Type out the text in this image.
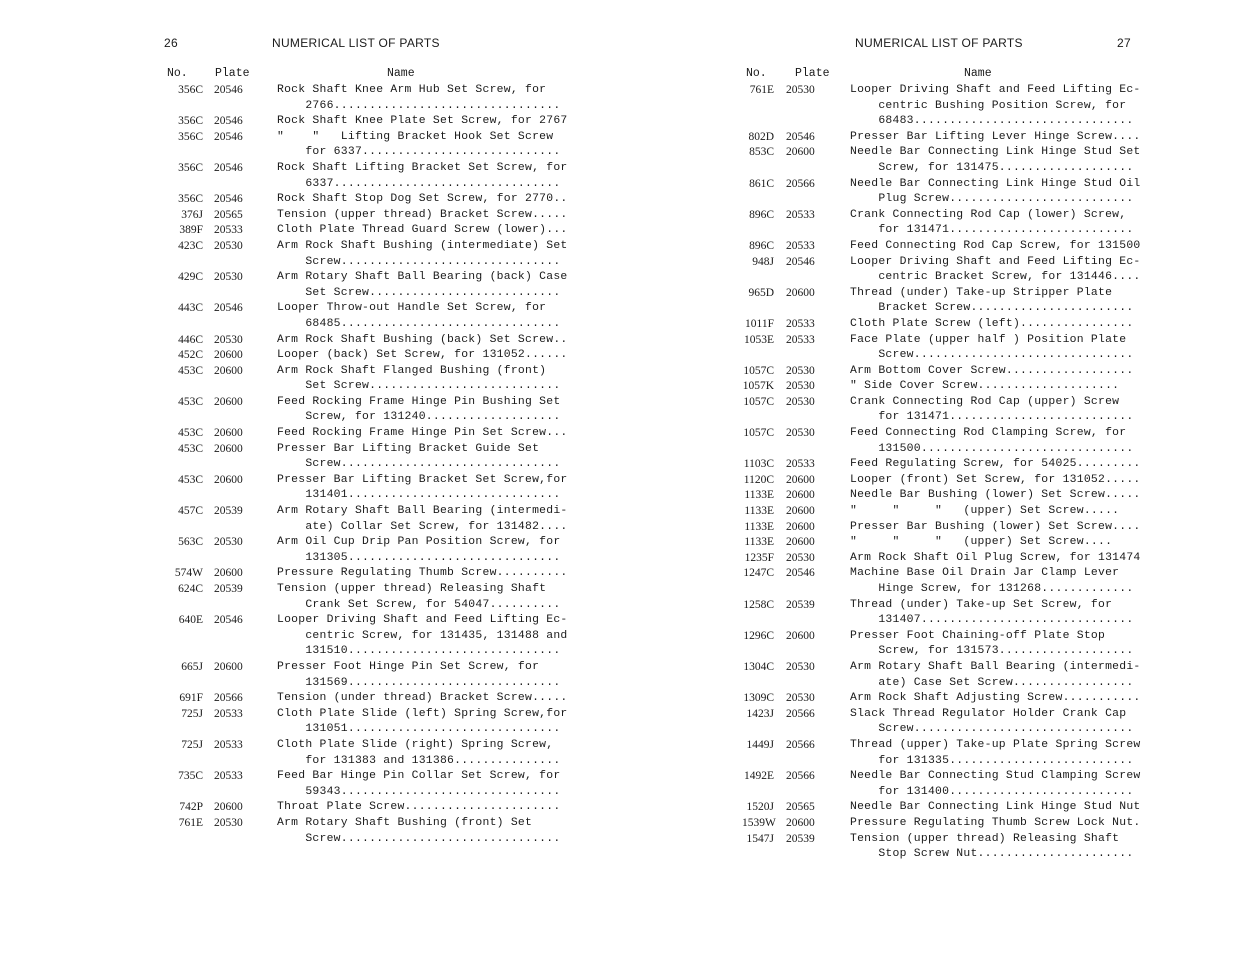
26	NUMERICAL LIST OF PARTS
No. Plate	Name
356C 20546	Rock Shaft Knee Arm Hub Set Screw, for
2766................................
356C 20546	Rock Shaft Knee Plate Set Screw, for 2767
356C 20546	"    "   Lifting Bracket Hook Set Screw
for 6337............................
356C 20546	Rock Shaft Lifting Bracket Set Screw, for
6337................................
356C 20546	Rock Shaft Stop Dog Set Screw, for 2770..
376J 20565	Tension (upper thread) Bracket Screw.....
389F 20533	Cloth Plate Thread Guard Screw (lower)...
423C 20530	Arm Rock Shaft Bushing (intermediate) Set
Screw...............................
429C 20530	Arm Rotary Shaft Ball Bearing (back) Case
Set Screw...........................
443C 20546	Looper Throw-out Handle Set Screw, for
68485...............................
446C 20530	Arm Rock Shaft Bushing (back) Set Screw..
452C 20600	Looper (back) Set Screw, for 131052......
453C 20600	Arm Rock Shaft Flanged Bushing (front)
Set Screw...........................
453C 20600	Feed Rocking Frame Hinge Pin Bushing Set
Screw, for 131240...................
453C 20600	Feed Rocking Frame Hinge Pin Set Screw...
453C 20600	Presser Bar Lifting Bracket Guide Set
Screw...............................
453C 20600	Presser Bar Lifting Bracket Set Screw,for
131401..............................
457C 20539	Arm Rotary Shaft Ball Bearing (intermedi-
ate) Collar Set Screw, for 131482....
563C 20530	Arm Oil Cup Drip Pan Position Screw, for
131305..............................
574W 20600	Pressure Regulating Thumb Screw..........
624C 20539	Tension (upper thread) Releasing Shaft
Crank Set Screw, for 54047..........
640E 20546	Looper Driving Shaft and Feed Lifting Ec-
centric Screw, for 131435, 131488 and
131510..............................
665J 20600	Presser Foot Hinge Pin Set Screw, for
131569..............................
691F 20566	Tension (under thread) Bracket Screw.....
725J 20533	Cloth Plate Slide (left) Spring Screw,for
131051..............................
725J 20533	Cloth Plate Slide (right) Spring Screw,
for 131383 and 131386...............
735C 20533	Feed Bar Hinge Pin Collar Set Screw, for
59343...............................
742P 20600	Throat Plate Screw......................
761E 20530	Arm Rotary Shaft Bushing (front) Set
Screw...............................
NUMERICAL LIST OF PARTS	27
No. Plate	Name
761E 20530	Looper Driving Shaft and Feed Lifting Ec-
centric Bushing Position Screw, for
68483...............................
802D 20546	Presser Bar Lifting Lever Hinge Screw....
853C 20600	Needle Bar Connecting Link Hinge Stud Set
Screw, for 131475...................
861C 20566	Needle Bar Connecting Link Hinge Stud Oil
Plug Screw..........................
896C 20533	Crank Connecting Rod Cap (lower) Screw,
for 131471..........................
896C 20533	Feed Connecting Rod Cap Screw, for 131500
948J 20546	Looper Driving Shaft and Feed Lifting Ec-
centric Bracket Screw, for 131446....
965D 20600	Thread (under) Take-up Stripper Plate
Bracket Screw.......................
1011F 20533	Cloth Plate Screw (left)................
1053E 20533	Face Plate (upper half ) Position Plate
Screw...............................
1057C 20530	Arm Bottom Cover Screw..................
1057K 20530	" Side Cover Screw....................
1057C 20530	Crank Connecting Rod Cap (upper) Screw
for 131471..........................
1057C 20530	Feed Connecting Rod Clamping Screw, for
131500..............................
1103C 20533	Feed Regulating Screw, for 54025.........
1120C 20600	Looper (front) Set Screw, for 131052.....
1133E 20600	Needle Bar Bushing (lower) Set Screw.....
1133E 20600	"     "     "   (upper) Set Screw.....
1133E 20600	Presser Bar Bushing (lower) Set Screw....
1133E 20600	"     "     "   (upper) Set Screw....
1235F 20530	Arm Rock Shaft Oil Plug Screw, for 131474
1247C 20546	Machine Base Oil Drain Jar Clamp Lever
Hinge Screw, for 131268.............
1258C 20539	Thread (under) Take-up Set Screw, for
131407..............................
1296C 20600	Presser Foot Chaining-off Plate Stop
Screw, for 131573...................
1304C 20530	Arm Rotary Shaft Ball Bearing (intermedi-
ate) Case Set Screw.................
1309C 20530	Arm Rock Shaft Adjusting Screw...........
1423J 20566	Slack Thread Regulator Holder Crank Cap
Screw...............................
1449J 20566	Thread (upper) Take-up Plate Spring Screw
for 131335..........................
1492E 20566	Needle Bar Connecting Stud Clamping Screw
for 131400..........................
1520J 20565	Needle Bar Connecting Link Hinge Stud Nut
1539W 20600	Pressure Regulating Thumb Screw Lock Nut.
1547J 20539	Tension (upper thread) Releasing Shaft
Stop Screw Nut......................
